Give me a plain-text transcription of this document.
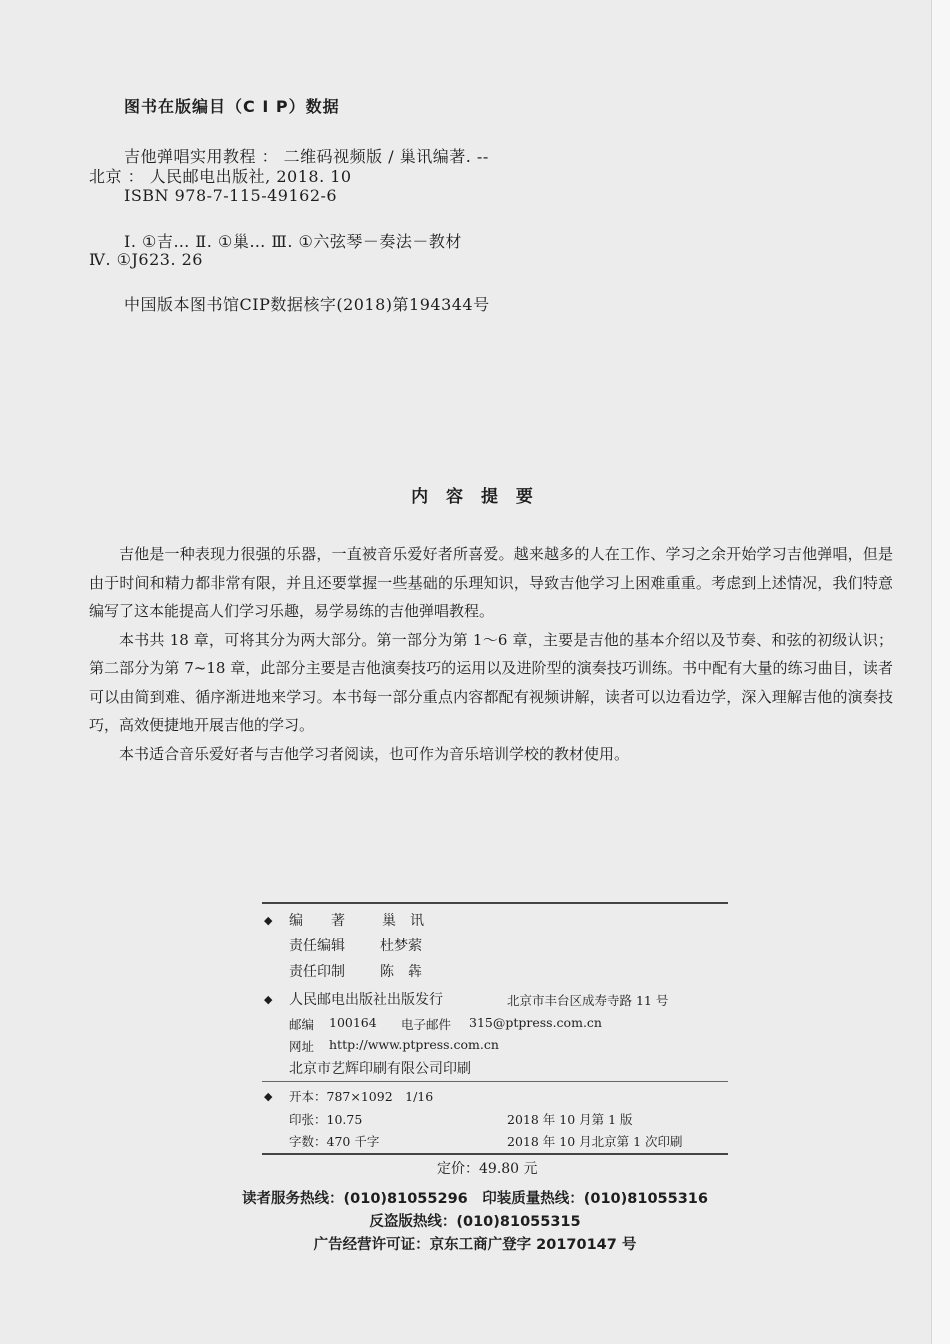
图书在版编目（C I P）数据
吉他弹唱实用教程 ： 二维码视频版 / 巢讯编著. --
北京 ： 人民邮电出版社, 2018. 10
ISBN 978-7-115-49162-6
Ⅰ. ①吉… Ⅱ. ①巢… Ⅲ. ①六弦琴－奏法－教材
Ⅳ. ①J623. 26
中国版本图书馆CIP数据核字(2018)第194344号
内 容 提 要

吉他是一种表现力很强的乐器，一直被音乐爱好者所喜爱。越来越多的人在工作、学习之余开始学习吉他弹唱，但是由于时间和精力都非常有限，并且还要掌握一些基础的乐理知识，导致吉他学习上困难重重。考虑到上述情况，我们特意编写了这本能提高人们学习乐趣，易学易练的吉他弹唱教程。

本书共 18 章，可将其分为两大部分。第一部分为第 1～6 章，主要是吉他的基本介绍以及节奏、和弦的初级认识；第二部分为第 7~18 章，此部分主要是吉他演奏技巧的运用以及进阶型的演奏技巧训练。书中配有大量的练习曲目，读者可以由简到难、循序渐进地来学习。本书每一部分重点内容都配有视频讲解，读者可以边看边学，深入理解吉他的演奏技巧，高效便捷地开展吉他的学习。

本书适合音乐爱好者与吉他学习者阅读，也可作为音乐培训学校的教材使用。

◆ 编　　著	巢　讯
责任编辑	杜梦萦
责任印制	陈　犇
◆ 人民邮电出版社出版发行	北京市丰台区成寿寺路 11 号
邮编 100164 电子邮件 315@ptpress.com.cn
网址 http://www.ptpress.com.cn
北京市艺辉印刷有限公司印刷
◆ 开本：787×1092　1/16
印张：10.75	2018 年 10 月第 1 版
字数：470 千字	2018 年 10 月北京第 1 次印刷
定价：49.80 元
读者服务热线：(010)81055296　印装质量热线：(010)81055316
反盗版热线：(010)81055315
广告经营许可证：京东工商广登字 20170147 号
